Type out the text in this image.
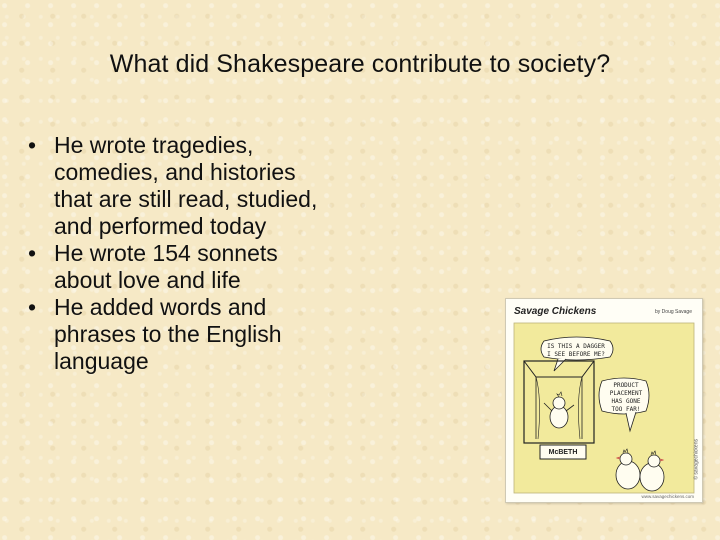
What did Shakespeare contribute to society?
• He wrote tragedies,
comedies, and histories
that are still read, studied,
and performed today
• He wrote 154 sonnets
about love and life
• He added words and
phrases to the English
language
Savage Chickens	by Doug Savage
IS THIS A DAGGER
I SEE BEFORE ME?
PRODUCT
PLACEMENT
HAS GONE
TOO FAR!
McBETH	© savagechickens
www.savagechickens.com
